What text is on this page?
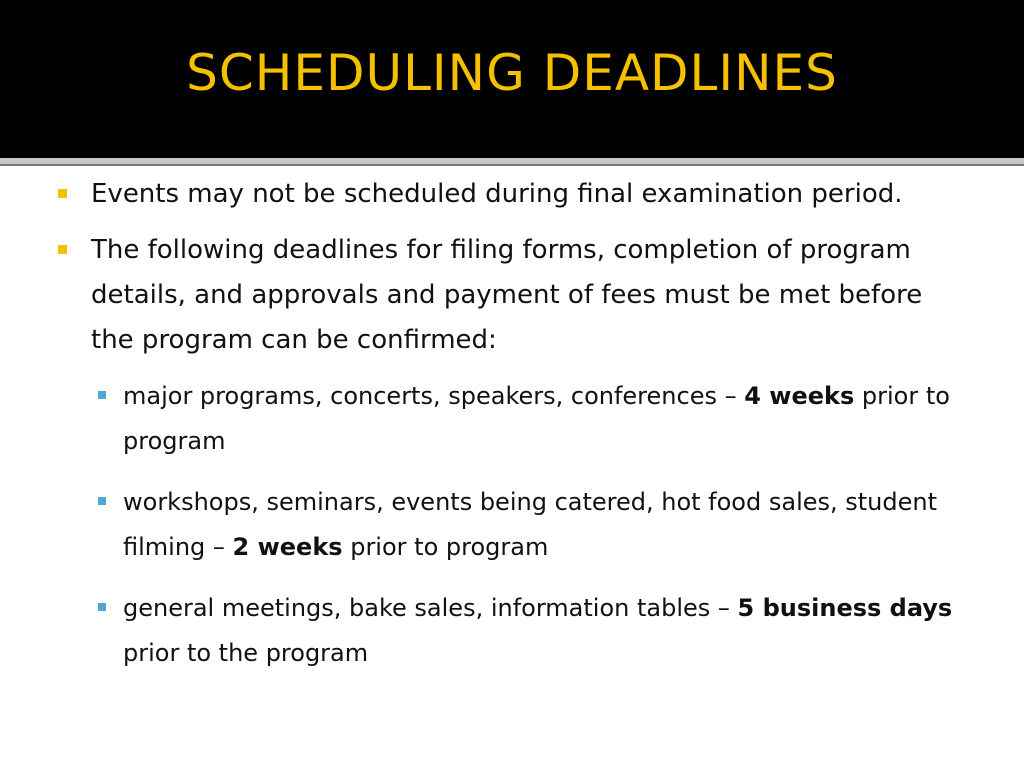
SCHEDULING DEADLINES
Events may not be scheduled during final examination period.
The following deadlines for filing forms, completion of program details, and approvals and payment of fees must be met before the program can be confirmed:
major programs, concerts, speakers, conferences – 4 weeks prior to program
workshops, seminars, events being catered, hot food sales, student filming – 2 weeks prior to program
general meetings, bake sales, information tables – 5 business days prior to the program
